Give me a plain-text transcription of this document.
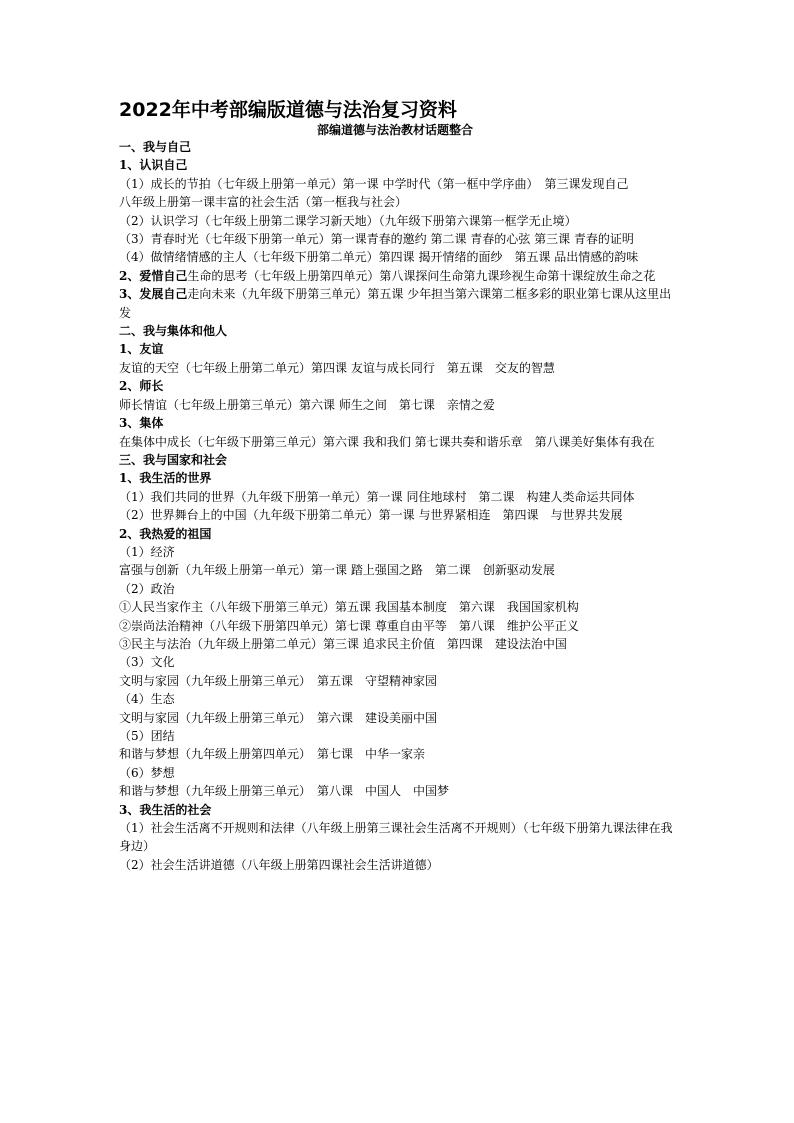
2022年中考部编版道德与法治复习资料
部编道德与法治教材话题整合

一、我与自己

1、认识自己

（1）成长的节拍（七年级上册第一单元）第一课 中学时代（第一框中学序曲）　第三课发现自己

八年级上册第一课丰富的社会生活（第一框我与社会）

（2）认识学习（七年级上册第二课学习新天地）（九年级下册第六课第一框学无止境）

（3）青春时光（七年级下册第一单元）第一课青春的邀约 第二课 青春的心弦 第三课 青春的证明

（4）做情绪情感的主人（七年级下册第二单元）第四课 揭开情绪的面纱　第五课 品出情感的韵味

2、爱惜自己生命的思考（七年级上册第四单元）第八课探问生命第九课珍视生命第十课绽放生命之花

3、发展自己走向未来（九年级下册第三单元）第五课 少年担当第六课第二框多彩的职业第七课从这里出发

二、我与集体和他人

1、友谊

友谊的天空（七年级上册第二单元）第四课 友谊与成长同行　第五课　交友的智慧

2、师长

师长情谊（七年级上册第三单元）第六课 师生之间　第七课　亲情之爱

3、集体

在集体中成长（七年级下册第三单元）第六课 我和我们 第七课共奏和谐乐章　第八课美好集体有我在

三、我与国家和社会

1、我生活的世界

（1）我们共同的世界（九年级下册第一单元）第一课 同住地球村　第二课　构建人类命运共同体

（2）世界舞台上的中国（九年级下册第二单元）第一课 与世界紧相连　第四课　与世界共发展

2、我热爱的祖国

（1）经济

富强与创新（九年级上册第一单元）第一课 踏上强国之路　第二课　创新驱动发展

（2）政治

①人民当家作主（八年级下册第三单元）第五课 我国基本制度　第六课　我国国家机构

②崇尚法治精神（八年级下册第四单元）第七课 尊重自由平等　第八课　维护公平正义

③民主与法治（九年级上册第二单元）第三课 追求民主价值　第四课　建设法治中国

（3）文化

文明与家园（九年级上册第三单元）　第五课　守望精神家园

（4）生态

文明与家园（九年级上册第三单元）　第六课　建设美丽中国

（5）团结

和谐与梦想（九年级上册第四单元）　第七课　中华一家亲

（6）梦想

和谐与梦想（九年级上册第三单元）　第八课　中国人　中国梦

3、我生活的社会

（1）社会生活离不开规则和法律（八年级上册第三课社会生活离不开规则）（七年级下册第九课法律在我身边）

（2）社会生活讲道德（八年级上册第四课社会生活讲道德）
